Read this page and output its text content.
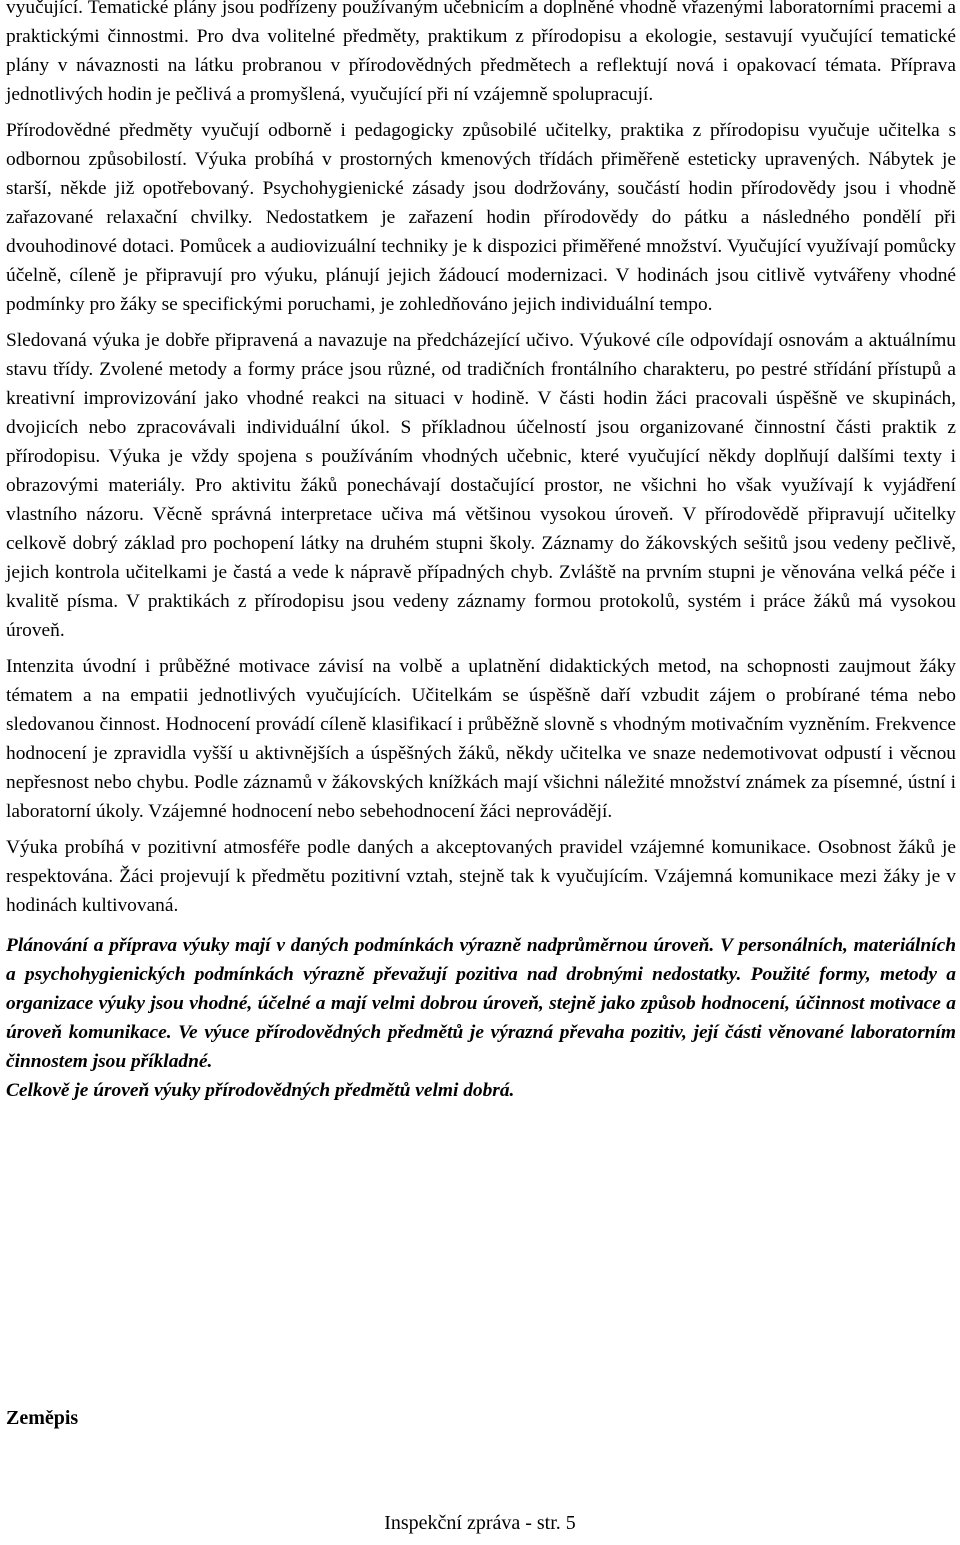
vyučující. Tematické plány jsou podřízeny používaným učebnicím a doplněné vhodně vřazenými laboratorními pracemi a praktickými činnostmi. Pro dva volitelné předměty, praktikum z přírodopisu a ekologie, sestavují vyučující tematické plány v návaznosti na látku probranou v přírodovědných předmětech a reflektují nová i opakovací témata. Příprava jednotlivých hodin je pečlivá a promyšlená, vyučující při ní vzájemně spolupracují.

Přírodovědné předměty vyučují odborně i pedagogicky způsobilé učitelky, praktika z přírodopisu vyučuje učitelka s odbornou způsobilostí. Výuka probíhá v prostorných kmenových třídách přiměřeně esteticky upravených. Nábytek je starší, někde již opotřebovaný. Psychohygienické zásady jsou dodržovány, součástí hodin přírodovědy jsou i vhodně zařazované relaxační chvilky. Nedostatkem je zařazení hodin přírodovědy do pátku a následného pondělí při dvouhodinové dotaci. Pomůcek a audiovizuální techniky je k dispozici přiměřené množství. Vyučující využívají pomůcky účelně, cíleně je připravují pro výuku, plánují jejich žádoucí modernizaci. V hodinách jsou citlivě vytvářeny vhodné podmínky pro žáky se specifickými poruchami, je zohledňováno jejich individuální tempo.

Sledovaná výuka je dobře připravená a navazuje na předcházející učivo. Výukové cíle odpovídají osnovám a aktuálnímu stavu třídy. Zvolené metody a formy práce jsou různé, od tradičních frontálního charakteru, po pestré střídání přístupů a kreativní improvizování jako vhodné reakci na situaci v hodině. V části hodin žáci pracovali úspěšně ve skupinách, dvojicích nebo zpracovávali individuální úkol. S příkladnou účelností jsou organizované činnostní části praktik z přírodopisu. Výuka je vždy spojena s používáním vhodných učebnic, které vyučující někdy doplňují dalšími texty i obrazovými materiály. Pro aktivitu žáků ponechávají dostačující prostor, ne všichni ho však využívají k vyjádření vlastního názoru. Věcně správná interpretace učiva má většinou vysokou úroveň. V přírodovědě připravují učitelky celkově dobrý základ pro pochopení látky na druhém stupni školy. Záznamy do žákovských sešitů jsou vedeny pečlivě, jejich kontrola učitelkami je častá a vede k nápravě případných chyb. Zvláště na prvním stupni je věnována velká péče i kvalitě písma. V praktikách z přírodopisu jsou vedeny záznamy formou protokolů, systém i práce žáků má vysokou úroveň.

Intenzita úvodní i průběžné motivace závisí na volbě a uplatnění didaktických metod, na schopnosti zaujmout žáky tématem a na empatii jednotlivých vyučujících. Učitelkám se úspěšně daří vzbudit zájem o probírané téma nebo sledovanou činnost. Hodnocení provádí cíleně klasifikací i průběžně slovně s vhodným motivačním vyzněním. Frekvence hodnocení je zpravidla vyšší u aktivnějších a úspěšných žáků, někdy učitelka ve snaze nedemotivovat odpustí i věcnou nepřesnost nebo chybu. Podle záznamů v žákovských knížkách mají všichni náležité množství známek za písemné, ústní i laboratorní úkoly. Vzájemné hodnocení nebo sebehodnocení žáci neprovádějí.

Výuka probíhá v pozitivní atmosféře podle daných a akceptovaných pravidel vzájemné komunikace. Osobnost žáků je respektována. Žáci projevují k předmětu pozitivní vztah, stejně tak k vyučujícím. Vzájemná komunikace mezi žáky je v hodinách kultivovaná.

Plánování a příprava výuky mají v daných podmínkách výrazně nadprůměrnou úroveň. V personálních, materiálních a psychohygienických podmínkách výrazně převažují pozitiva nad drobnými nedostatky. Použité formy, metody a organizace výuky jsou vhodné, účelné a mají velmi dobrou úroveň, stejně jako způsob hodnocení, účinnost motivace a úroveň komunikace. Ve výuce přírodovědných předmětů je výrazná převaha pozitiv, její části věnované laboratorním činnostem jsou příkladné.

Celkově je úroveň výuky přírodovědných předmětů velmi dobrá.

Zeměpis
Inspekční zpráva - str. 5
